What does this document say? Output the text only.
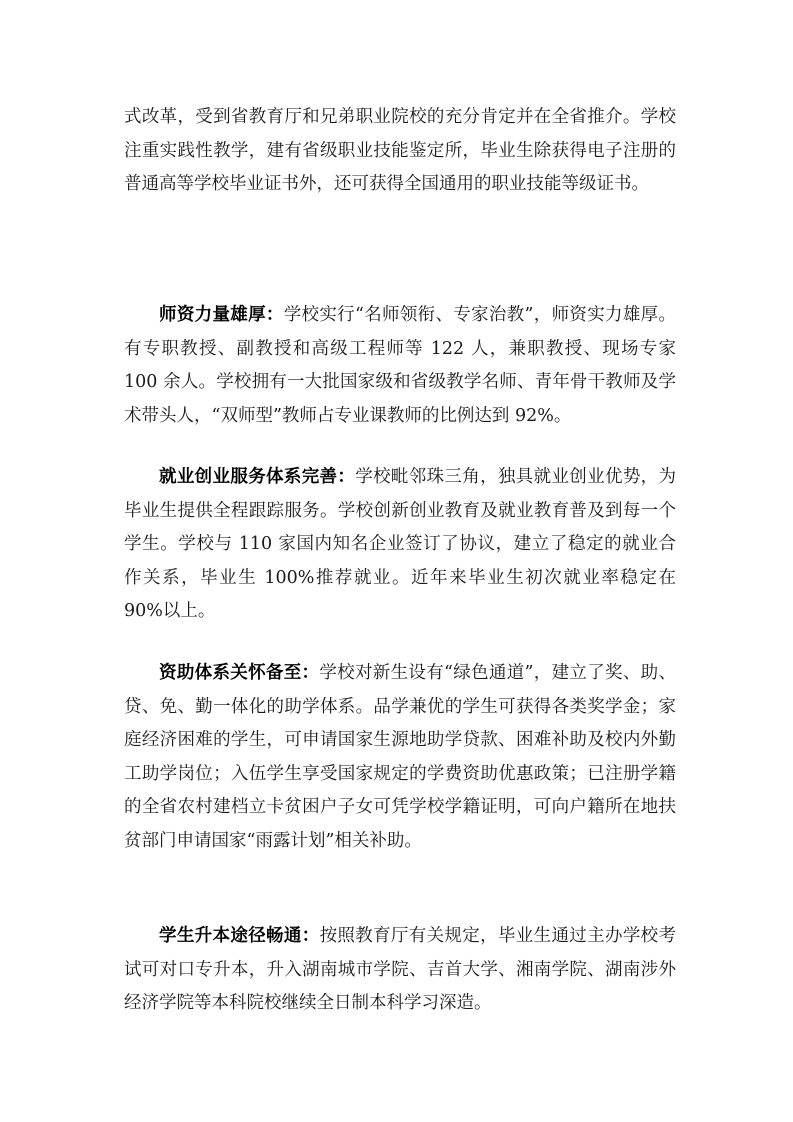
式改革，受到省教育厅和兄弟职业院校的充分肯定并在全省推介。学校注重实践性教学，建有省级职业技能鉴定所，毕业生除获得电子注册的普通高等学校毕业证书外，还可获得全国通用的职业技能等级证书。

师资力量雄厚：学校实行“名师领衔、专家治教”，师资实力雄厚。有专职教授、副教授和高级工程师等 122 人，兼职教授、现场专家 100 余人。学校拥有一大批国家级和省级教学名师、青年骨干教师及学术带头人，“双师型”教师占专业课教师的比例达到 92%。

就业创业服务体系完善：学校毗邻珠三角，独具就业创业优势，为毕业生提供全程跟踪服务。学校创新创业教育及就业教育普及到每一个学生。学校与 110 家国内知名企业签订了协议，建立了稳定的就业合作关系，毕业生 100%推荐就业。近年来毕业生初次就业率稳定在 90%以上。

资助体系关怀备至：学校对新生设有“绿色通道”，建立了奖、助、贷、免、勤一体化的助学体系。品学兼优的学生可获得各类奖学金；家庭经济困难的学生，可申请国家生源地助学贷款、困难补助及校内外勤工助学岗位；入伍学生享受国家规定的学费资助优惠政策；已注册学籍的全省农村建档立卡贫困户子女可凭学校学籍证明，可向户籍所在地扶贫部门申请国家“雨露计划”相关补助。

学生升本途径畅通：按照教育厅有关规定，毕业生通过主办学校考试可对口专升本，升入湖南城市学院、吉首大学、湘南学院、湖南涉外经济学院等本科院校继续全日制本科学习深造。
